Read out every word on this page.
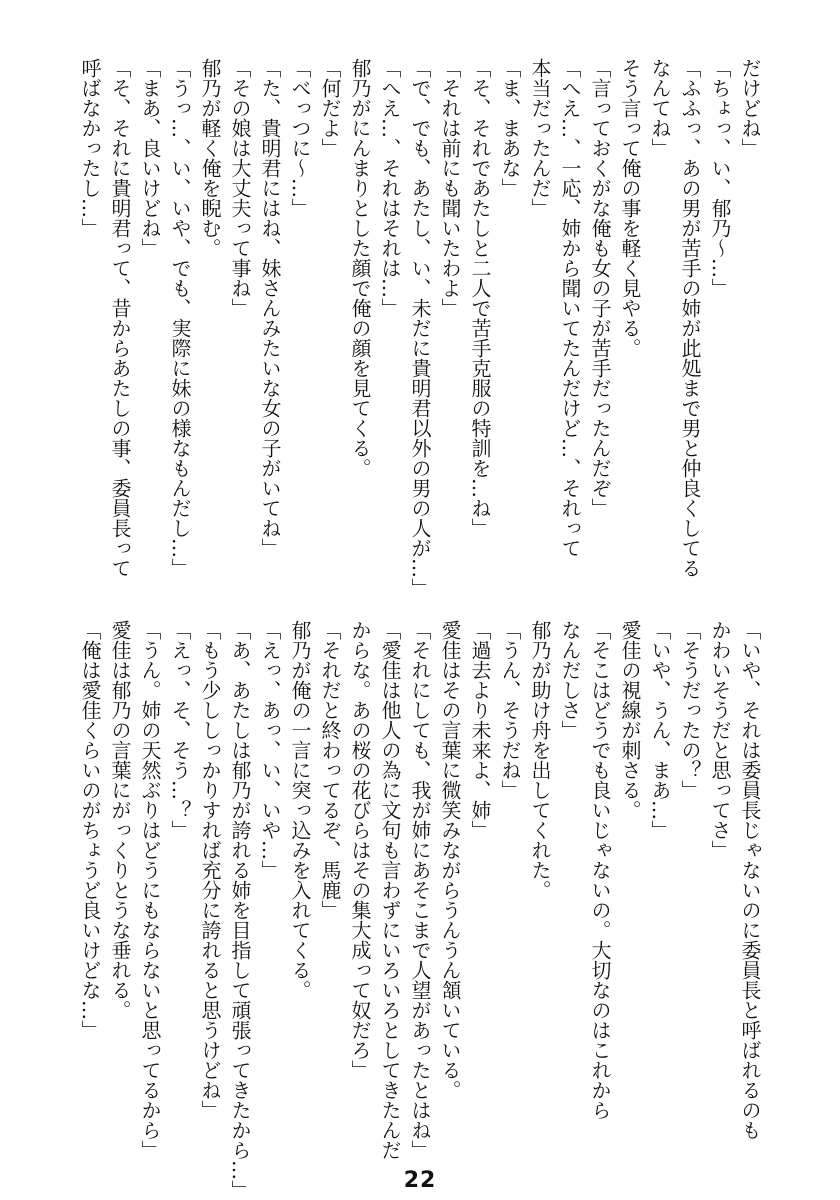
だけどね」
「ちょっ、い、郁乃～…」
「ふふっ、あの男が苦手の姉が此処まで男と仲良くしてる
なんてね」
そう言って俺の事を軽く見やる。
「言っておくがな俺も女の子が苦手だったんだぞ」
「へえ…、一応、姉から聞いてたんだけど…、それって
本当だったんだ」
「ま、まあな」
「そ、それであたしと二人で苦手克服の特訓を…ね」
「それは前にも聞いたわよ」
「で、でも、あたし、い、未だに貴明君以外の男の人が…」
「へえ…、それはそれは…」
郁乃がにんまりとした顔で俺の顔を見てくる。
「何だよ」
「べっつに～…」
「た、貴明君にはね、妹さんみたいな女の子がいてね」
「その娘は大丈夫って事ね」
郁乃が軽く俺を睨む。
「うっ…、い、いや、でも、実際に妹の様なもんだし…」
「まあ、良いけどね」
「そ、それに貴明君って、昔からあたしの事、委員長って
呼ばなかったし…」
「いや、それは委員長じゃないのに委員長と呼ばれるのも
かわいそうだと思ってさ」
「そうだったの？」
「いや、うん、まあ…」
愛佳の視線が刺さる。
「そこはどうでも良いじゃないの。大切なのはこれから
なんだしさ」
郁乃が助け舟を出してくれた。
「うん、そうだね」
「過去より未来よ、姉」
愛佳はその言葉に微笑みながらうんうん頷いている。
「それにしても、我が姉にあそこまで人望があったとはね」
「愛佳は他人の為に文句も言わずにいろいろとしてきたんだ
からな。あの桜の花びらはその集大成って奴だろ」
「それだと終わってるぞ、馬鹿」
郁乃が俺の一言に突っ込みを入れてくる。
「えっ、あっ、い、いや…」
「あ、あたしは郁乃が誇れる姉を目指して頑張ってきたから…」
「もう少ししっかりすれば充分に誇れると思うけどね」
「えっ、そ、そう…？」
「うん。姉の天然ぶりはどうにもならないと思ってるから」
愛佳は郁乃の言葉にがっくりとうな垂れる。
「俺は愛佳くらいのがちょうど良いけどな…」
22
